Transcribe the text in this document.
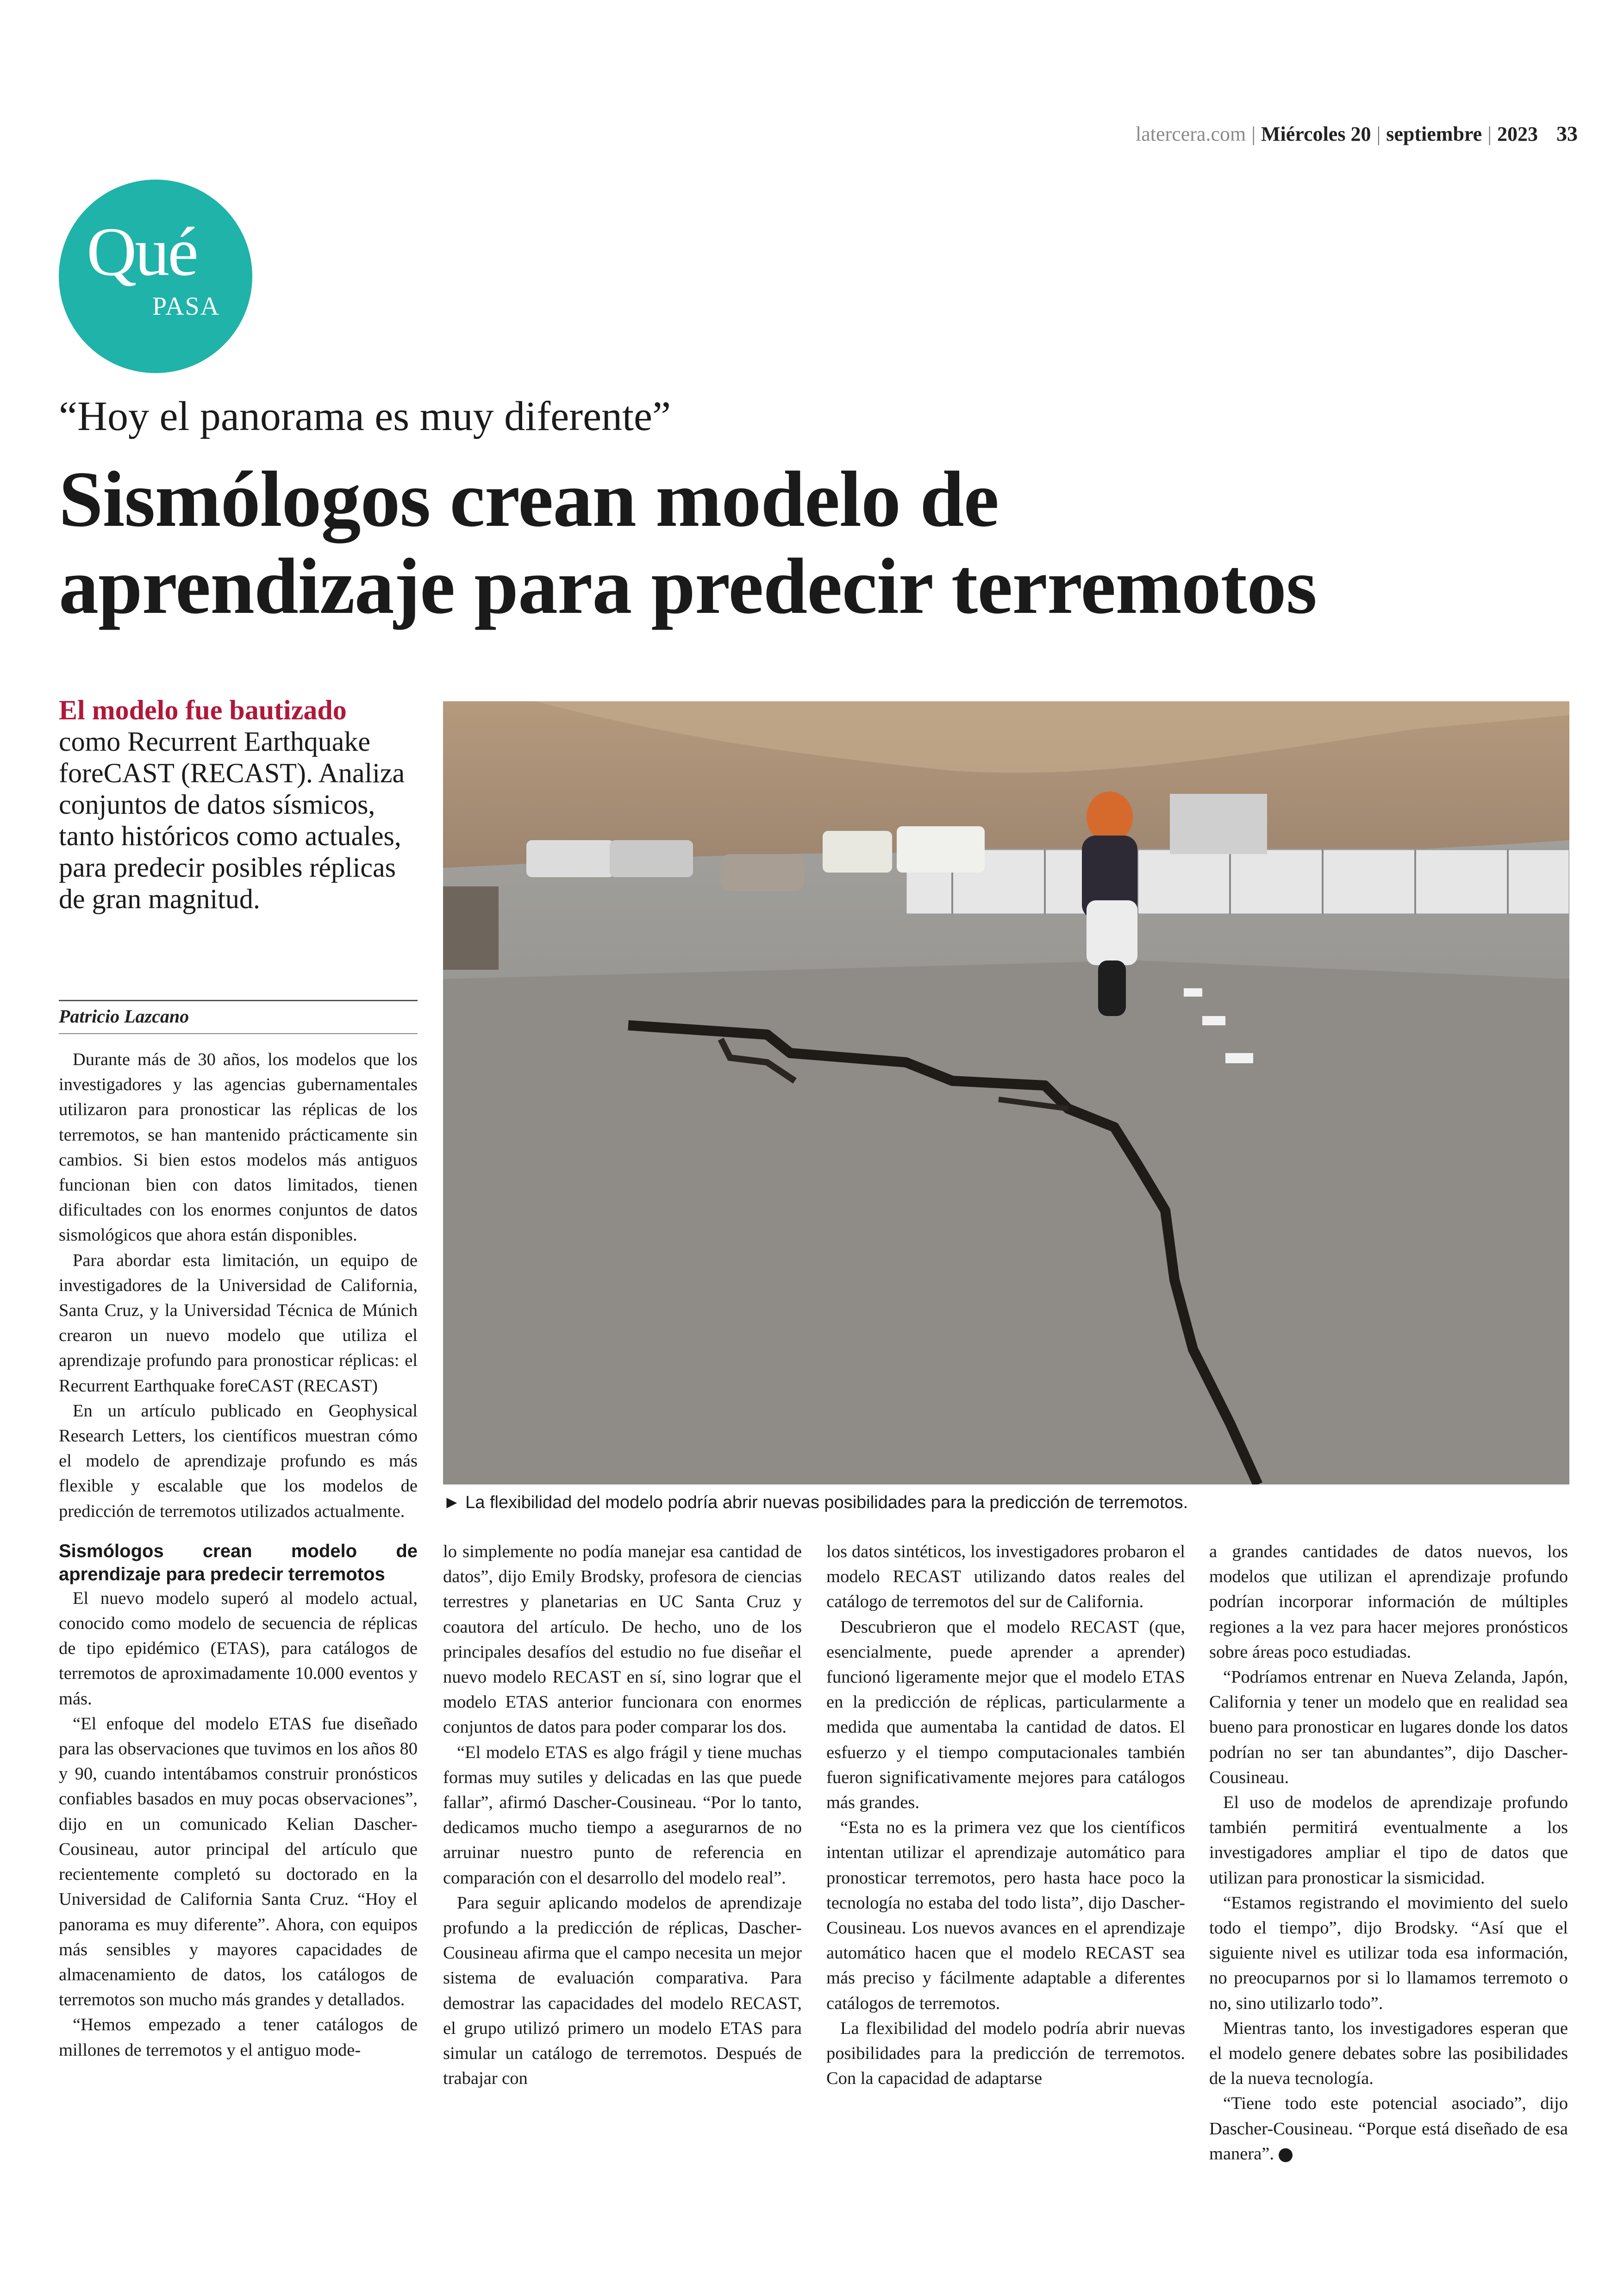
latercera.com | Miércoles 20 | septiembre | 2023 33
Qué
PASA
“Hoy el panorama es muy diferente”
Sismólogos crean modelo de
aprendizaje para predecir terremotos
El modelo fue bautizado como Recurrent Earthquake foreCAST (RECAST). Analiza conjuntos de datos sísmicos, tanto históricos como actuales, para predecir posibles réplicas de gran magnitud.
Patricio Lazcano
► La flexibilidad del modelo podría abrir nuevas posibilidades para la predicción de terremotos.

Durante más de 30 años, los modelos que los investigadores y las agencias gubernamentales utilizaron para pronosticar las réplicas de los terremotos, se han mantenido prácticamente sin cambios. Si bien estos modelos más antiguos funcionan bien con datos limitados, tienen dificultades con los enormes conjuntos de datos sismológicos que ahora están disponibles.

Para abordar esta limitación, un equipo de investigadores de la Universidad de California, Santa Cruz, y la Universidad Técnica de Múnich crearon un nuevo modelo que utiliza el aprendizaje profundo para pronosticar réplicas: el Recurrent Earthquake foreCAST (RECAST)

En un artículo publicado en Geophysical Research Letters, los científicos muestran cómo el modelo de aprendizaje profundo es más flexible y escalable que los modelos de predicción de terremotos utilizados actualmente.

Sismólogos crean modelo de aprendizaje para predecir terremotos

El nuevo modelo superó al modelo actual, conocido como modelo de secuencia de réplicas de tipo epidémico (ETAS), para catálogos de terremotos de aproximadamente 10.000 eventos y más.

“El enfoque del modelo ETAS fue diseñado para las observaciones que tuvimos en los años 80 y 90, cuando intentábamos construir pronósticos confiables basados en muy pocas observaciones”, dijo en un comunicado Kelian Dascher-Cousineau, autor principal del artículo que recientemente completó su doctorado en la Universidad de California Santa Cruz. “Hoy el panorama es muy diferente”. Ahora, con equipos más sensibles y mayores capacidades de almacenamiento de datos, los catálogos de terremotos son mucho más grandes y detallados.

“Hemos empezado a tener catálogos de millones de terremotos y el antiguo mode-

lo simplemente no podía manejar esa cantidad de datos”, dijo Emily Brodsky, profesora de ciencias terrestres y planetarias en UC Santa Cruz y coautora del artículo. De hecho, uno de los principales desafíos del estudio no fue diseñar el nuevo modelo RECAST en sí, sino lograr que el modelo ETAS anterior funcionara con enormes conjuntos de datos para poder comparar los dos.

“El modelo ETAS es algo frágil y tiene muchas formas muy sutiles y delicadas en las que puede fallar”, afirmó Dascher-Cousineau. “Por lo tanto, dedicamos mucho tiempo a asegurarnos de no arruinar nuestro punto de referencia en comparación con el desarrollo del modelo real”.

Para seguir aplicando modelos de aprendizaje profundo a la predicción de réplicas, Dascher-Cousineau afirma que el campo necesita un mejor sistema de evaluación comparativa. Para demostrar las capacidades del modelo RECAST, el grupo utilizó primero un modelo ETAS para simular un catálogo de terremotos. Después de trabajar con

los datos sintéticos, los investigadores probaron el modelo RECAST utilizando datos reales del catálogo de terremotos del sur de California.

Descubrieron que el modelo RECAST (que, esencialmente, puede aprender a aprender) funcionó ligeramente mejor que el modelo ETAS en la predicción de réplicas, particularmente a medida que aumentaba la cantidad de datos. El esfuerzo y el tiempo computacionales también fueron significativamente mejores para catálogos más grandes.

“Esta no es la primera vez que los científicos intentan utilizar el aprendizaje automático para pronosticar terremotos, pero hasta hace poco la tecnología no estaba del todo lista”, dijo Dascher-Cousineau. Los nuevos avances en el aprendizaje automático hacen que el modelo RECAST sea más preciso y fácilmente adaptable a diferentes catálogos de terremotos.

La flexibilidad del modelo podría abrir nuevas posibilidades para la predicción de terremotos. Con la capacidad de adaptarse

a grandes cantidades de datos nuevos, los modelos que utilizan el aprendizaje profundo podrían incorporar información de múltiples regiones a la vez para hacer mejores pronósticos sobre áreas poco estudiadas.

“Podríamos entrenar en Nueva Zelanda, Japón, California y tener un modelo que en realidad sea bueno para pronosticar en lugares donde los datos podrían no ser tan abundantes”, dijo Dascher-Cousineau.

El uso de modelos de aprendizaje profundo también permitirá eventualmente a los investigadores ampliar el tipo de datos que utilizan para pronosticar la sismicidad.

“Estamos registrando el movimiento del suelo todo el tiempo”, dijo Brodsky. “Así que el siguiente nivel es utilizar toda esa información, no preocuparnos por si lo llamamos terremoto o no, sino utilizarlo todo”.

Mientras tanto, los investigadores esperan que el modelo genere debates sobre las posibilidades de la nueva tecnología.

“Tiene todo este potencial asociado”, dijo Dascher-Cousineau. “Porque está diseñado de esa manera”.
